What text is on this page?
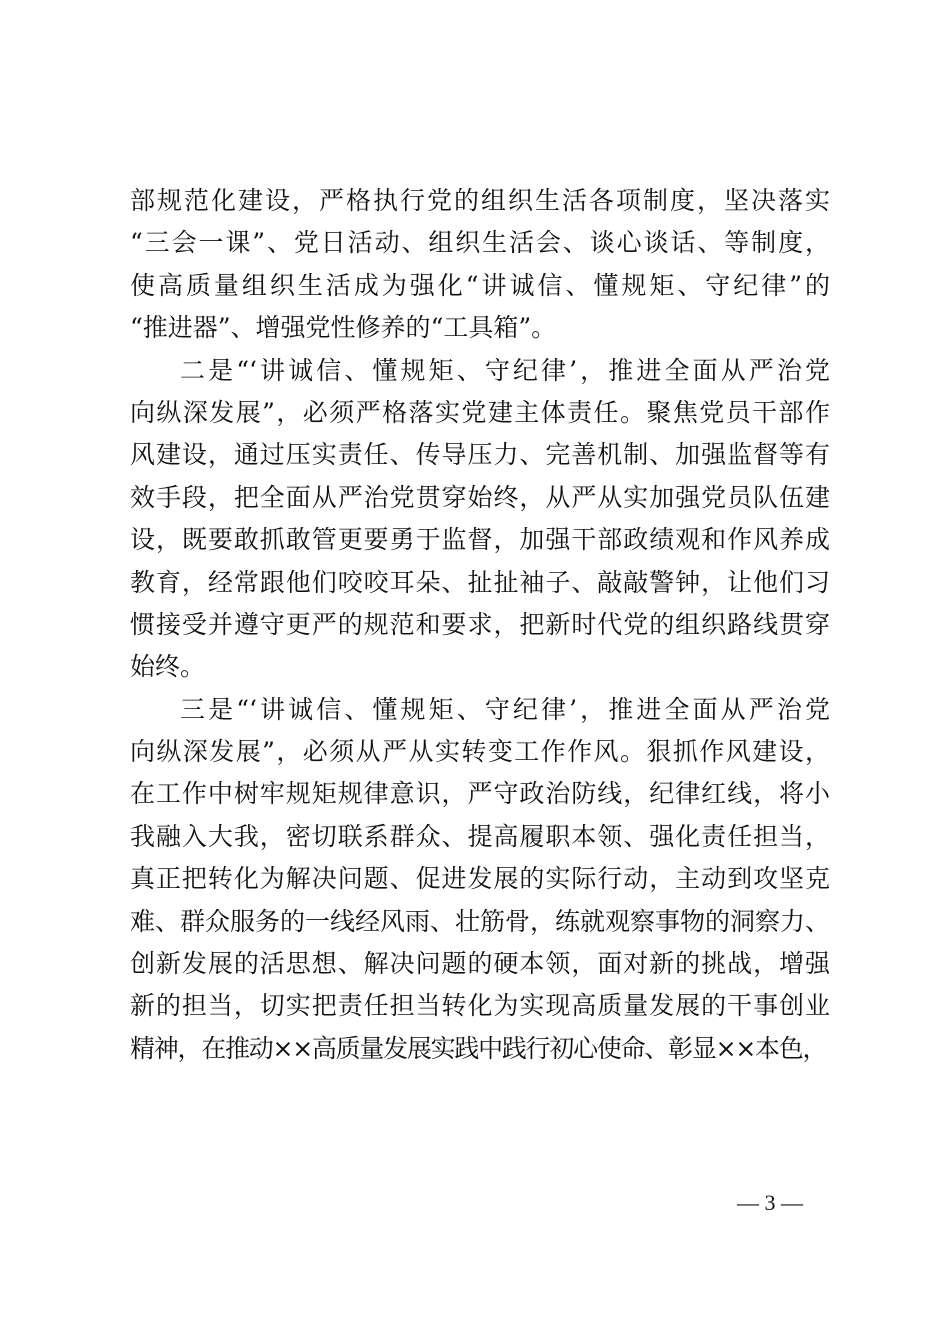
部规范化建设，严格执行党的组织生活各项制度，坚决落实
“三会一课”、党日活动、组织生活会、谈心谈话、等制度，
使高质量组织生活成为强化“讲诚信、懂规矩、守纪律”的
“推进器”、增强党性修养的“工具箱”。
二是“‘讲诚信、懂规矩、守纪律’，推进全面从严治党
向纵深发展”，必须严格落实党建主体责任。聚焦党员干部作
风建设，通过压实责任、传导压力、完善机制、加强监督等有
效手段，把全面从严治党贯穿始终，从严从实加强党员队伍建
设，既要敢抓敢管更要勇于监督，加强干部政绩观和作风养成
教育，经常跟他们咬咬耳朵、扯扯袖子、敲敲警钟，让他们习
惯接受并遵守更严的规范和要求，把新时代党的组织路线贯穿
始终。
三是“‘讲诚信、懂规矩、守纪律’，推进全面从严治党
向纵深发展”，必须从严从实转变工作作风。狠抓作风建设，
在工作中树牢规矩规律意识，严守政治防线，纪律红线，将小
我融入大我，密切联系群众、提高履职本领、强化责任担当，
真正把转化为解决问题、促进发展的实际行动，主动到攻坚克
难、群众服务的一线经风雨、壮筋骨，练就观察事物的洞察力、
创新发展的活思想、解决问题的硬本领，面对新的挑战，增强
新的担当，切实把责任担当转化为实现高质量发展的干事创业
精神，在推动××高质量发展实践中践行初心使命、彰显××本色，
— 3 —
